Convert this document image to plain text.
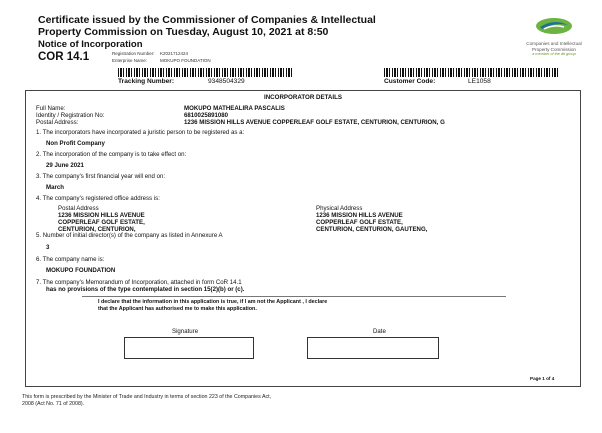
Certificate issued by the Commissioner of Companies & Intellectual
Property Commission on Tuesday, August 10, 2021 at 8:50
Notice of Incorporation
COR 14.1	Registration Number: K2021712424
Enterprise Name:	MOKUPO FOUNDATION
Companies and Intellectual
Property Commission
a member of the dti group
Tracking Number:	9348504329	Customer Code:	LE1058
INCORPORATOR DETAILS
Full Name:	MOKUPO MATHEALIRA PASCALIS
Identity / Registration No:	6810025891080
Postal Address:	1236 MISSION HILLS AVENUE COPPERLEAF GOLF ESTATE, CENTURION, CENTURION, G
1. The incorporators have incorporated a juristic person to be registered as a:
Non Profit Company
2. The incorporation of the company is to take effect on:
29 June 2021
3. The company's first financial year will end on:
March
4. The company's registered office address is:
Postal Address
1236 MISSION HILLS AVENUE
COPPERLEAF GOLF ESTATE,
CENTURION, CENTURION,
Physical Address
1236 MISSION HILLS AVENUE
COPPERLEAF GOLF ESTATE,
CENTURION, CENTURION, GAUTENG,
5. Number of initial director(s) of the company as listed in Annexure A
3
6. The company name is:
MOKUPO FOUNDATION
7. The company's Memorandum of Incorporation, attached in form CoR 14.1
has no provisions of the type contemplated in section 15(2)(b) or (c).
I declare that the information in this application is true, if I am not the Applicant , I declare
that the Applicant has authorised me to make this application.
Signature	Date
Page 1 of 4
This form is prescribed by the Minister of Trade and Industry in terms of section 223 of the Companies Act,
2008 (Act No. 71 of 2008).
